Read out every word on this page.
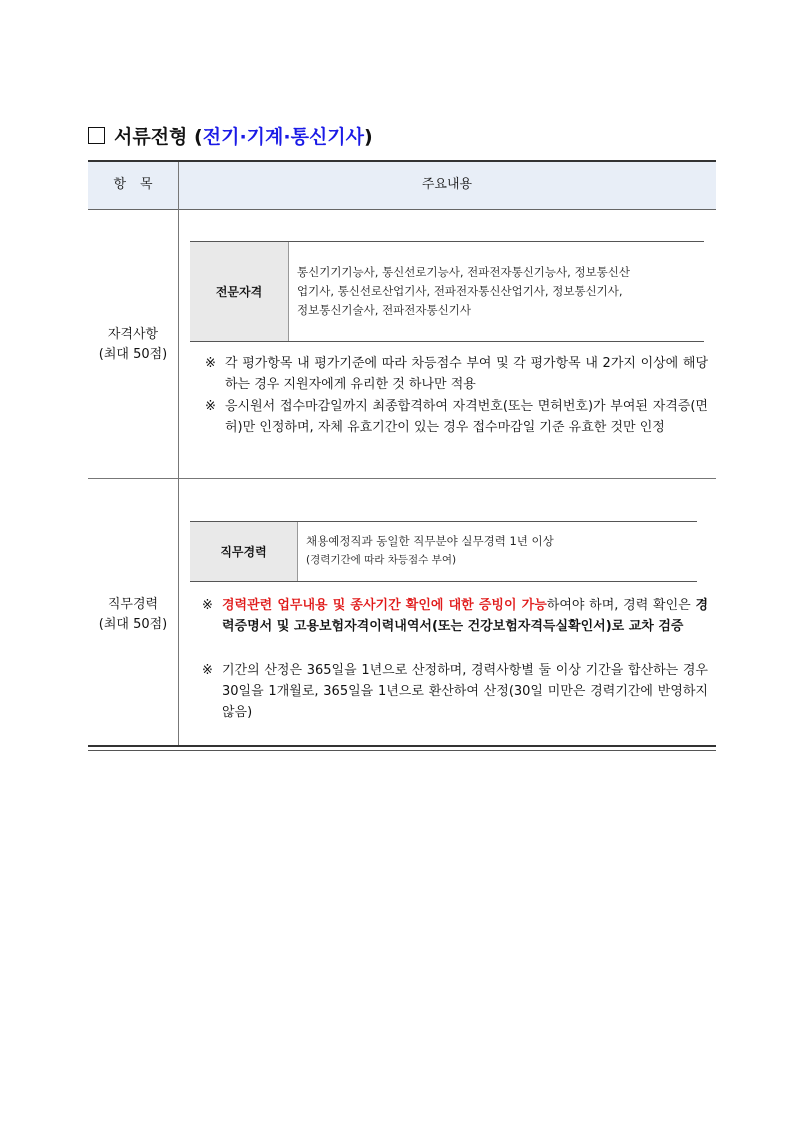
서류전형 (전기·기계·통신기사)
항목	주요내용
자격사항
(최대 50점)
전문자격
통신기기기능사, 통신선로기능사, 전파전자통신기능사, 정보통신산
업기사, 통신선로산업기사, 전파전자통신산업기사, 정보통신기사,
정보통신기술사, 전파전자통신기사
※ 각 평가항목 내 평가기준에 따라 차등점수 부여 및 각 평가항목 내 2가지 이상에 해당하는 경우 지원자에게 유리한 것 하나만 적용
※ 응시원서 접수마감일까지 최종합격하여 자격번호(또는 면허번호)가 부여된 자격증(면허)만 인정하며, 자체 유효기간이 있는 경우 접수마감일 기준 유효한 것만 인정
직무경력
(최대 50점)
직무경력
채용예정직과 동일한 직무분야 실무경력 1년 이상
(경력기간에 따라 차등점수 부여)
※ 경력관련 업무내용 및 종사기간 확인에 대한 증빙이 가능하여야 하며, 경력 확인은 경력증명서 및 고용보험자격이력내역서(또는 건강보험자격득실확인서)로 교차 검증
※ 기간의 산정은 365일을 1년으로 산정하며, 경력사항별 둘 이상 기간을 합산하는 경우 30일을 1개월로, 365일을 1년으로 환산하여 산정(30일 미만은 경력기간에 반영하지 않음)
